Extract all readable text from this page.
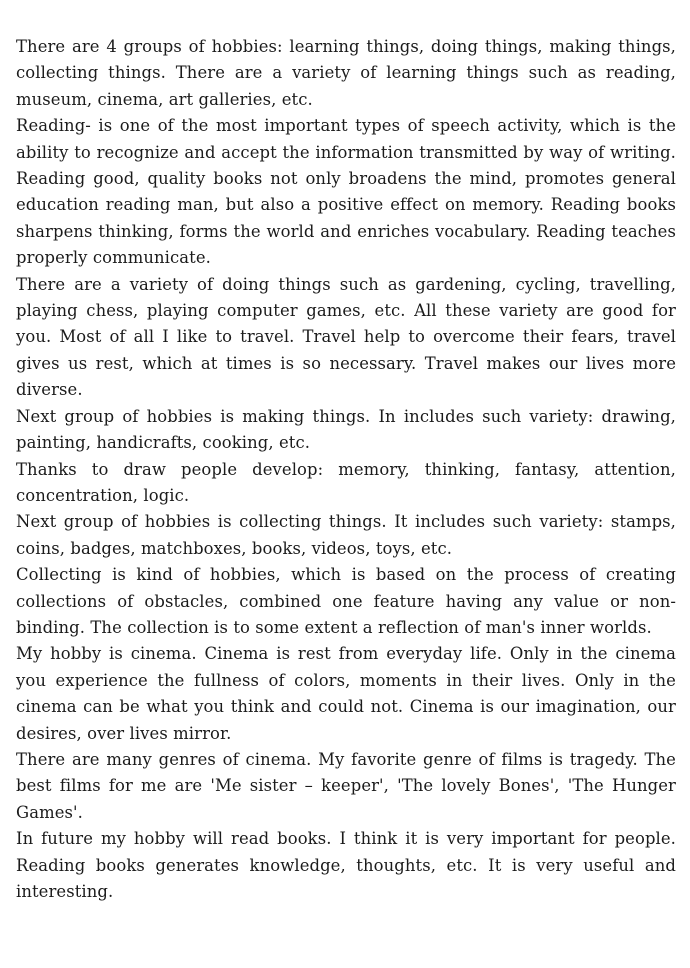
There are 4 groups of hobbies: learning things, doing things, making things, collecting things. There are a variety of learning things such as reading, museum, cinema, art galleries, etc.

Reading- is one of the most important types of speech activity, which is the ability to recognize and accept the information transmitted by way of writing. Reading good, quality books not only broadens the mind, promotes general education reading man, but also a positive effect on memory. Reading books sharpens thinking, forms the world and enriches vocabulary. Reading teaches properly communicate.

There are a variety of doing things such as gardening, cycling, travelling, playing chess, playing computer games, etc. All these variety are good for you. Most of all I like to travel. Travel help to overcome their fears, travel gives us rest, which at times is so necessary. Travel makes our lives more diverse.

Next group of hobbies is making things. In includes such variety: drawing, painting, handicrafts, cooking, etc.

Thanks to draw people develop: memory, thinking, fantasy, attention, concentration, logic.

Next group of hobbies is collecting things. It includes such variety: stamps, coins, badges, matchboxes, books, videos, toys, etc.

Collecting is kind of hobbies, which is based on the process of creating collections of obstacles, combined one feature having any value or non-binding. The collection is to some extent a reflection of man's inner worlds.

My hobby is cinema. Cinema is rest from everyday life. Only in the cinema you experience the fullness of colors, moments in their lives. Only in the cinema can be what you think and could not. Cinema is our imagination, our desires, over lives mirror.

There are many genres of cinema. My favorite genre of films is tragedy. The best films for me are 'Me sister – keeper', 'The lovely Bones', 'The Hunger Games'.

In future my hobby will read books. I think it is very important for people. Reading books generates knowledge, thoughts, etc. It is very useful and interesting.
